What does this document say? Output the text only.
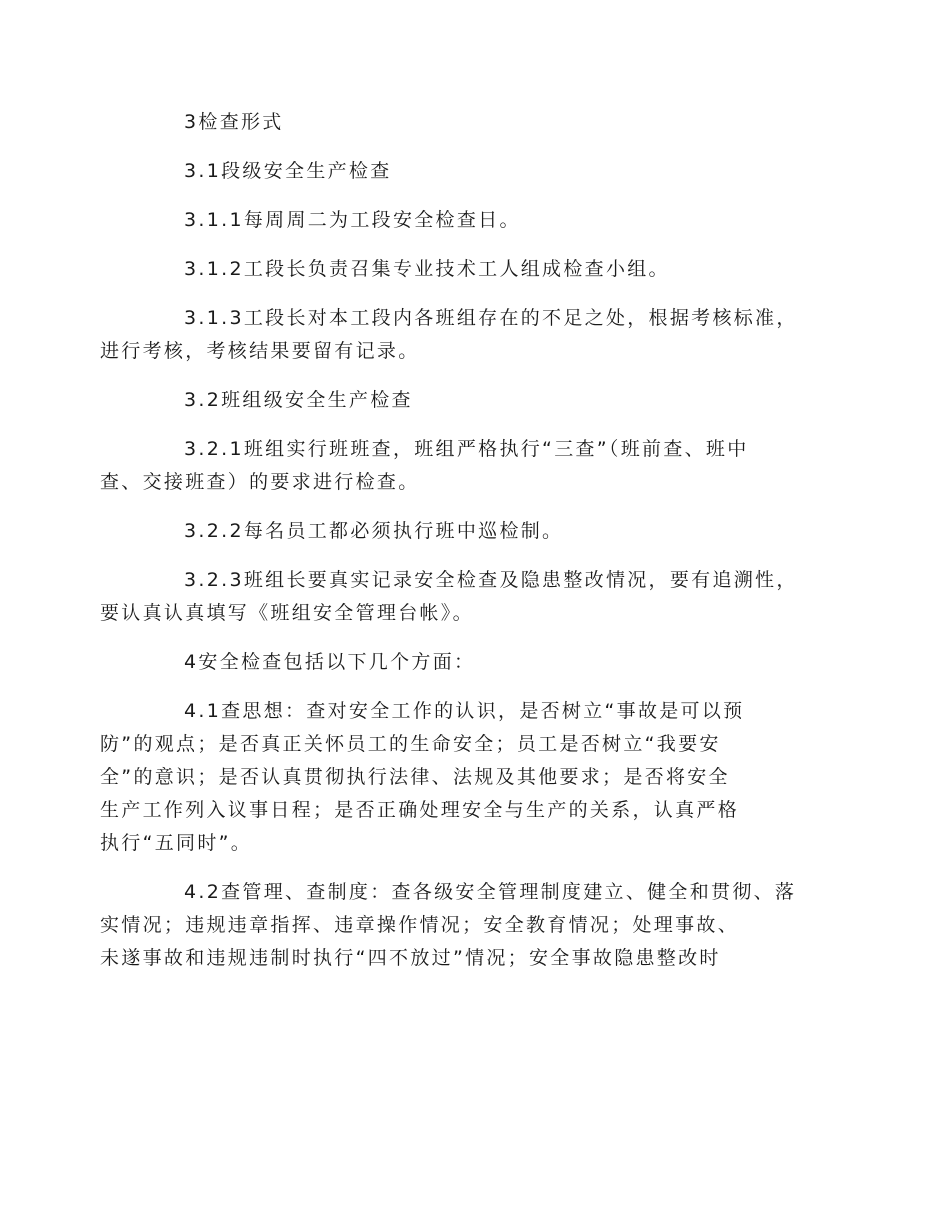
3检查形式

3.1段级安全生产检查

3.1.1每周周二为工段安全检查日。

3.1.2工段长负责召集专业技术工人组成检查小组。

3.1.3工段长对本工段内各班组存在的不足之处，根据考核标准，
进行考核，考核结果要留有记录。

3.2班组级安全生产检查

3.2.1班组实行班班查，班组严格执行“三查”（班前查、班中
查、交接班查）的要求进行检查。

3.2.2每名员工都必须执行班中巡检制。

3.2.3班组长要真实记录安全检查及隐患整改情况，要有追溯性，
要认真认真填写《班组安全管理台帐》。

4安全检查包括以下几个方面：

4.1查思想：查对安全工作的认识，是否树立“事故是可以预
防”的观点；是否真正关怀员工的生命安全；员工是否树立“我要安
全”的意识；是否认真贯彻执行法律、法规及其他要求；是否将安全
生产工作列入议事日程；是否正确处理安全与生产的关系，认真严格
执行“五同时”。

4.2查管理、查制度：查各级安全管理制度建立、健全和贯彻、落
实情况；违规违章指挥、违章操作情况；安全教育情况；处理事故、
未遂事故和违规违制时执行“四不放过”情况；安全事故隐患整改时
